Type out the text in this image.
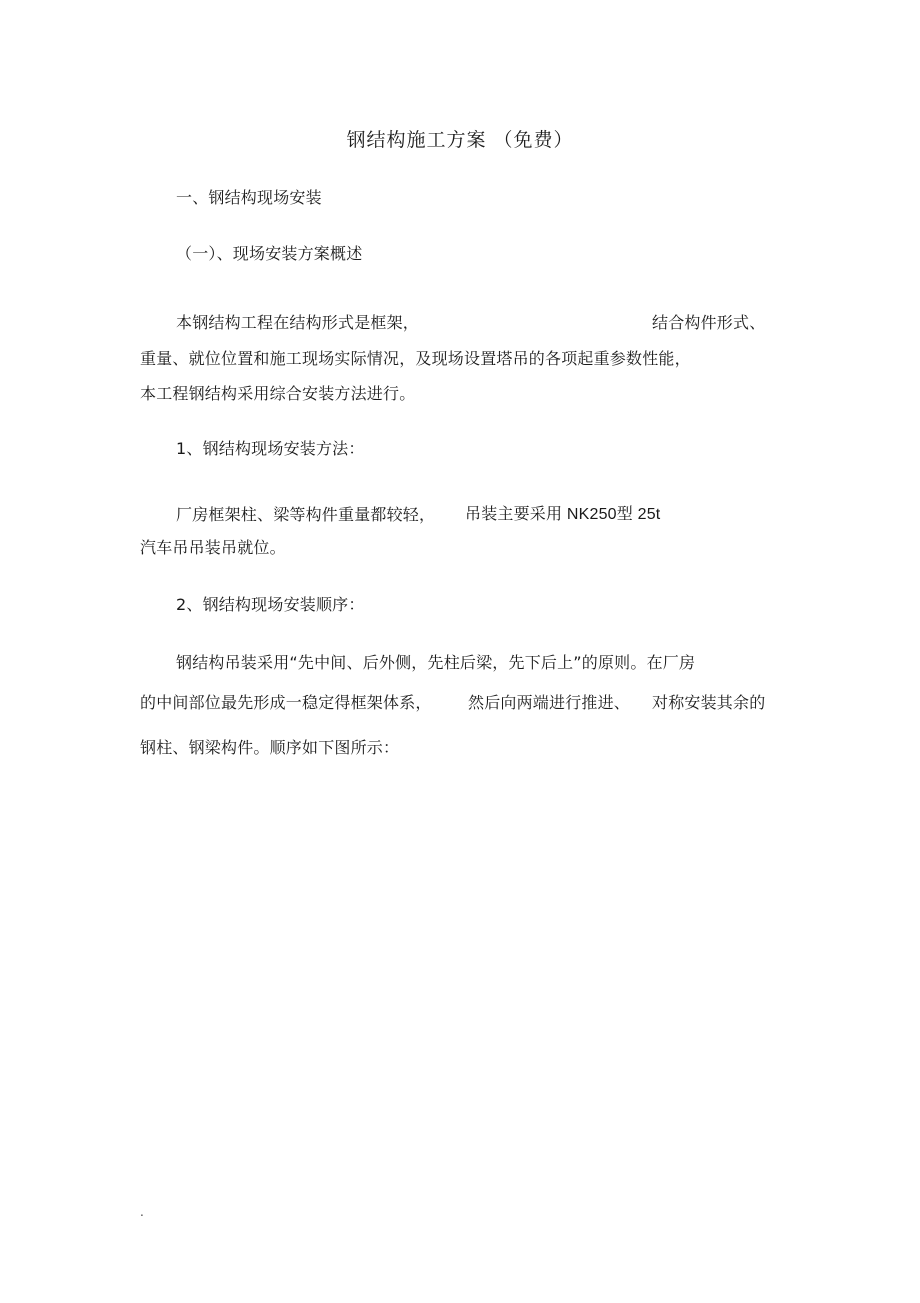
钢结构施工方案 （免费）
一、钢结构现场安装
（一）、现场安装方案概述
本钢结构工程在结构形式是框架，	结合构件形式、
重量、就位位置和施工现场实际情况，及现场设置塔吊的各项起重参数性能，
本工程钢结构采用综合安装方法进行。
1、钢结构现场安装方法：
厂房框架柱、梁等构件重量都较轻， 吊装主要采用 NK250型 25t
汽车吊吊装吊就位。
2、钢结构现场安装顺序：
钢结构吊装采用“先中间、后外侧，先柱后梁，先下后上”的原则。在厂房
的中间部位最先形成一稳定得框架体系， 然后向两端进行推进、 对称安装其余的
钢柱、钢梁构件。顺序如下图所示：
.
